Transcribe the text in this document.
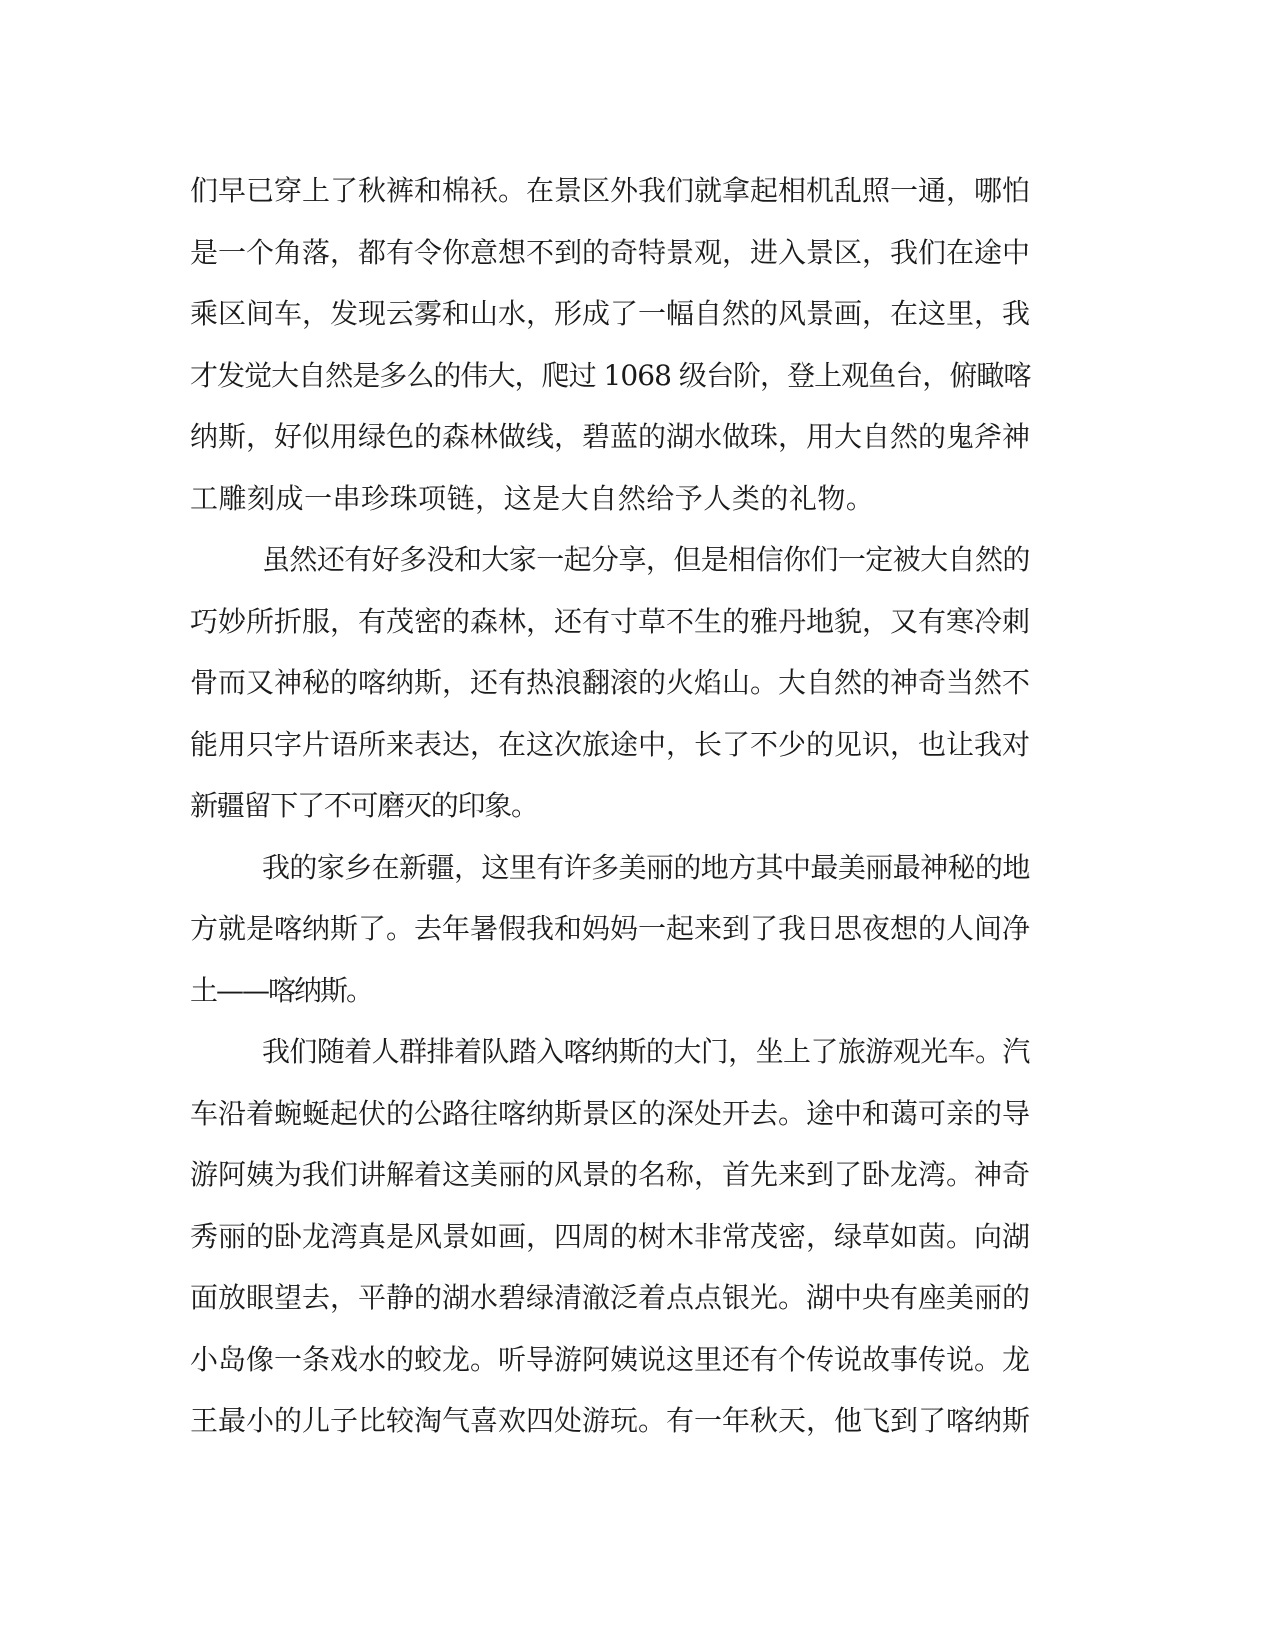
们早已穿上了秋裤和棉袄。在景区外我们就拿起相机乱照一通，哪怕
是一个角落，都有令你意想不到的奇特景观，进入景区，我们在途中
乘区间车，发现云雾和山水，形成了一幅自然的风景画，在这里，我
才发觉大自然是多么的伟大，爬过 1068 级台阶，登上观鱼台，俯瞰喀
纳斯，好似用绿色的森林做线，碧蓝的湖水做珠，用大自然的鬼斧神
工雕刻成一串珍珠项链，这是大自然给予人类的礼物。
虽然还有好多没和大家一起分享，但是相信你们一定被大自然的
巧妙所折服，有茂密的森林，还有寸草不生的雅丹地貌，又有寒冷刺
骨而又神秘的喀纳斯，还有热浪翻滚的火焰山。大自然的神奇当然不
能用只字片语所来表达，在这次旅途中，长了不少的见识，也让我对
新疆留下了不可磨灭的印象。
我的家乡在新疆，这里有许多美丽的地方其中最美丽最神秘的地
方就是喀纳斯了。去年暑假我和妈妈一起来到了我日思夜想的人间净
土——喀纳斯。
我们随着人群排着队踏入喀纳斯的大门，坐上了旅游观光车。汽
车沿着蜿蜒起伏的公路往喀纳斯景区的深处开去。途中和蔼可亲的导
游阿姨为我们讲解着这美丽的风景的名称，首先来到了卧龙湾。神奇
秀丽的卧龙湾真是风景如画，四周的树木非常茂密，绿草如茵。向湖
面放眼望去，平静的湖水碧绿清澈泛着点点银光。湖中央有座美丽的
小岛像一条戏水的蛟龙。听导游阿姨说这里还有个传说故事传说。龙
王最小的儿子比较淘气喜欢四处游玩。有一年秋天，他飞到了喀纳斯
